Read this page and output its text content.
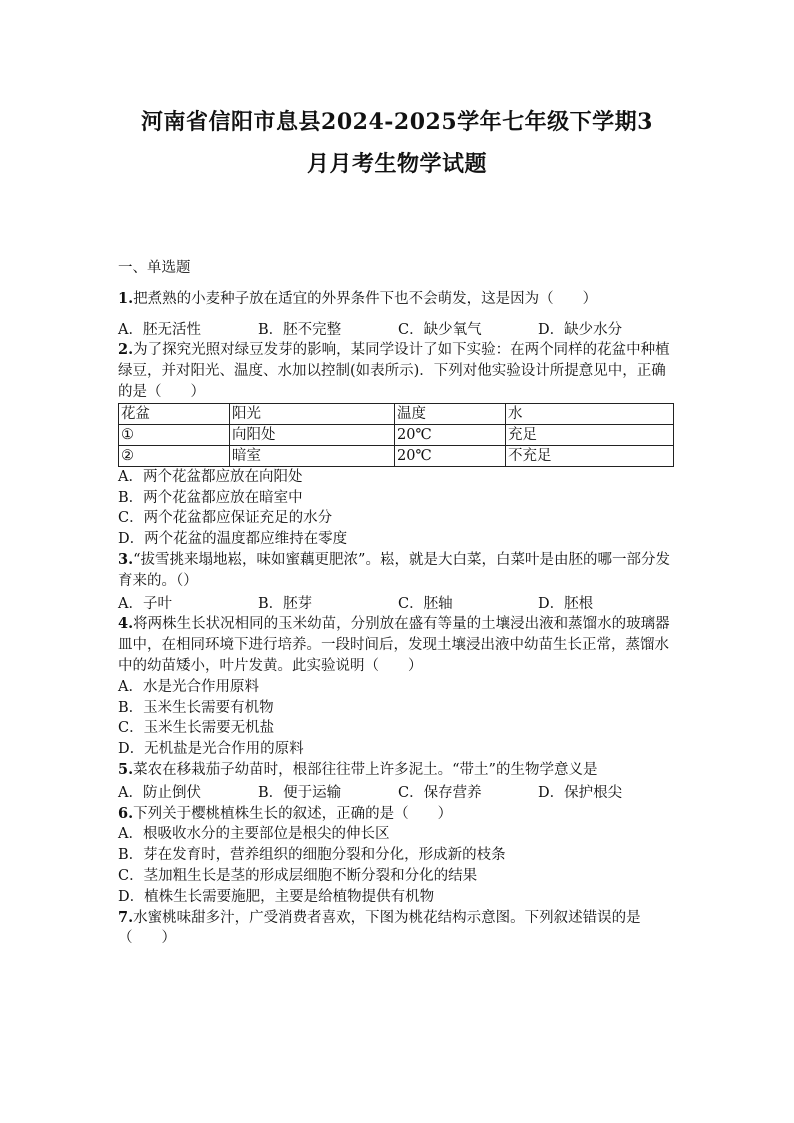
河南省信阳市息县2024-2025学年七年级下学期3
月月考生物学试题
一、单选题

1.把煮熟的小麦种子放在适宜的外界条件下也不会萌发，这是因为（　　）

A．胚无活性	B．胚不完整	C．缺少氧气	D．缺少水分

2.为了探究光照对绿豆发芽的影响，某同学设计了如下实验：在两个同样的花盆中种植绿豆，并对阳光、温度、水加以控制(如表所示)．下列对他实验设计所提意见中，正确的是（　　）

花盆	阳光	温度	水
①	向阳处	20℃	充足
②	暗室	20℃	不充足

A．两个花盆都应放在向阳处

B．两个花盆都应放在暗室中

C．两个花盆都应保证充足的水分

D．两个花盆的温度都应维持在零度

3.“拔雪挑来塌地崧，味如蜜藕更肥浓”。崧，就是大白菜，白菜叶是由胚的哪一部分发育来的。（）

A．子叶	B．胚芽	C．胚轴	D．胚根

4.将两株生长状况相同的玉米幼苗，分别放在盛有等量的土壤浸出液和蒸馏水的玻璃器皿中，在相同环境下进行培养。一段时间后，发现土壤浸出液中幼苗生长正常，蒸馏水中的幼苗矮小，叶片发黄。此实验说明（　　）

A．水是光合作用原料

B．玉米生长需要有机物

C．玉米生长需要无机盐

D．无机盐是光合作用的原料

5.菜农在移栽茄子幼苗时，根部往往带上许多泥土。“带土”的生物学意义是

A．防止倒伏	B．便于运输	C．保存营养	D．保护根尖

6.下列关于樱桃植株生长的叙述，正确的是（　　）

A．根吸收水分的主要部位是根尖的伸长区

B．芽在发育时，营养组织的细胞分裂和分化，形成新的枝条

C．茎加粗生长是茎的形成层细胞不断分裂和分化的结果

D．植株生长需要施肥，主要是给植物提供有机物

7.水蜜桃味甜多汁，广受消费者喜欢，下图为桃花结构示意图。下列叙述错误的是（　　）
